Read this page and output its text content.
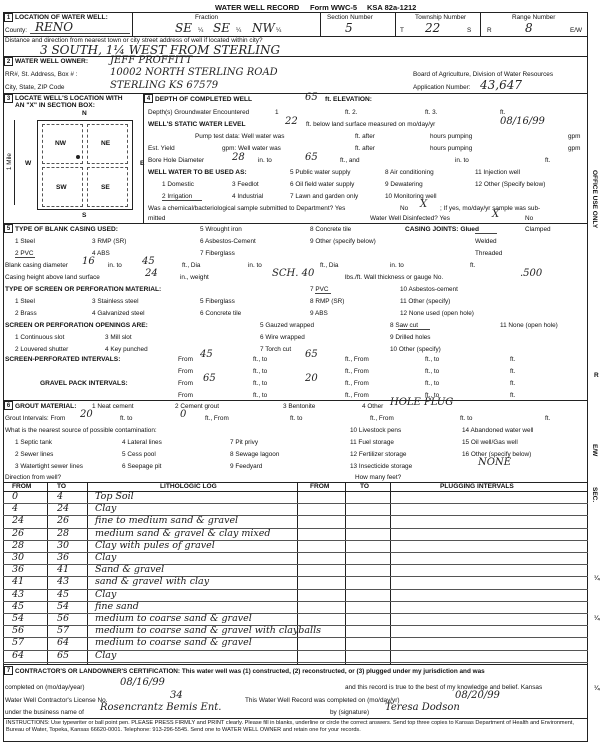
WATER WELL RECORD Form WWC-5 KSA 82a-1212
OFFICE USE ONLY
R
E/W
SEC.
¼
¼
¼
1 LOCATION OF WATER WELL:
County: RENO
Fraction
SE ¼ SE ¼ NW ¼
Section Number
5
Township Number
T 22	S
Range Number
R	8	E/W
Distance and direction from nearest town or city street address of well if located within city?
3 SOUTH, 1¼ WEST FROM STERLING
2 WATER WELL OWNER: JEFF PROFFITT
RR#, St. Address, Box # :	10002 NORTH STERLING ROAD
City, State, ZIP Code	STERLING KS 67579
Board of Agriculture, Division of Water Resources
Application Number: 43,647
3 LOCATE WELL'S LOCATION WITH
AN "X" IN SECTION BOX:
N
S
W	E
1 Mile
NW	NE
SW	SE
4 DEPTH OF COMPLETED WELL	65 ft. ELEVATION:
Depth(s) Groundwater Encountered	1	ft. 2.	ft. 3.	ft.
WELL'S STATIC WATER LEVEL	22 ft. below land surface measured on mo/day/yr	08/16/99
Pump test data: Well water was	ft. after	hours pumping	gpm
Est. Yield	gpm: Well water was	ft. after	hours pumping	gpm
Bore Hole Diameter	28 in. to	65	ft., and	in. to	ft.
WELL WATER TO BE USED AS:
1 Domestic
2 Irrigation
3 Feedlot
4 Industrial
5 Public water supply
6 Oil field water supply
7 Lawn and garden only
8 Air conditioning
9 Dewatering
10 Monitoring well
11 Injection well
12 Other (Specify below)
Was a chemical/bacteriological sample submitted to Department? Yes	No X ; If yes, mo/day/yr sample was sub-
mitted	Water Well Disinfected? Yes	X	No
5 TYPE OF BLANK CASING USED:
1 Steel
2 PVC
3 RMP (SR)
4 ABS
5 Wrought iron
6 Asbestos-Cement
7 Fiberglass
8 Concrete tile
9 Other (specify below)
CASING JOINTS: Glued	Clamped
Welded
Threaded
Blank casing diameter 16 in. to 45	ft., Dia	in. to	ft., Dia	in. to	ft.
Casing height above land surface	24	in., weight	SCH. 40	lbs./ft. Wall thickness or gauge No.	.500
TYPE OF SCREEN OR PERFORATION MATERIAL:
1 Steel
2 Brass
3 Stainless steel
4 Galvanized steel
5 Fiberglass
6 Concrete tile
7 PVC
8 RMP (SR)
9 ABS
10 Asbestos-cement
11 Other (specify)
12 None used (open hole)
SCREEN OR PERFORATION OPENINGS ARE:
1 Continuous slot
2 Louvered shutter
3 Mill slot
4 Key punched
5 Gauzed wrapped
6 Wire wrapped
7 Torch cut
8 Saw cut
9 Drilled holes
10 Other (specify)
11 None (open hole)
SCREEN-PERFORATED INTERVALS:	From 45	ft., to	65	ft., From	ft., to	ft.
From	ft., to	ft., From	ft., to	ft.
GRAVEL PACK INTERVALS:	From 65	ft., to	20	ft., From	ft., to	ft.
From	ft., to	ft., From	ft., to	ft.
6 GROUT MATERIAL: 1 Neat cement	2 Cement grout	3 Bentonite	4 Other HOLE PLUG
Grout Intervals: From 20	ft. to	0	ft., From	ft. to	ft., From	ft. to	ft.
What is the nearest source of possible contamination:
1 Septic tank
2 Sewer lines
3 Watertight sewer lines
4 Lateral lines
5 Cess pool
6 Seepage pit
7 Pit privy
8 Sewage lagoon
9 Feedyard
10 Livestock pens
11 Fuel storage
12 Fertilizer storage
13 Insecticide storage	NONE
14 Abandoned water well
15 Oil well/Gas well
16 Other (specify below)
Direction from well?	How many feet?
FROM	TO	LITHOLOGIC LOG	FROM	TO	PLUGGING INTERVALS
0	4	Top Soil
4	24	Clay
24	26	fine to medium sand & gravel
26	28	medium sand & gravel & clay mixed
28	30	Clay with pules of gravel
30	36	Clay
36	41	Sand & gravel
41	43	sand & gravel with clay
43	45	Clay
45	54	fine sand
54	56	medium to coarse sand & gravel
56	57	medium to coarse sand & gravel with clayballs
57	64	medium to coarse sand & gravel
64	65	Clay
7 CONTRACTOR'S OR LANDOWNER'S CERTIFICATION: This water well was (1) constructed, (2) reconstructed, or (3) plugged under my jurisdiction and was
completed on (mo/day/year)	08/16/99	and this record is true to the best of my knowledge and belief. Kansas
Water Well Contractor's License No.	34	This Water Well Record was completed on (mo/day/yr)	08/20/99
under the business name of Rosencrantz Bemis Ent.	by (signature) Teresa Dodson
INSTRUCTIONS: Use typewriter or ball point pen. PLEASE PRESS FIRMLY and PRINT clearly. Please fill in blanks, underline or circle the correct answers. Send top three copies to Kansas Department of Health and Environment, Bureau of Water, Topeka, Kansas 66620-0001. Telephone: 913-296-5545. Send one to WATER WELL OWNER and retain one for your records.
